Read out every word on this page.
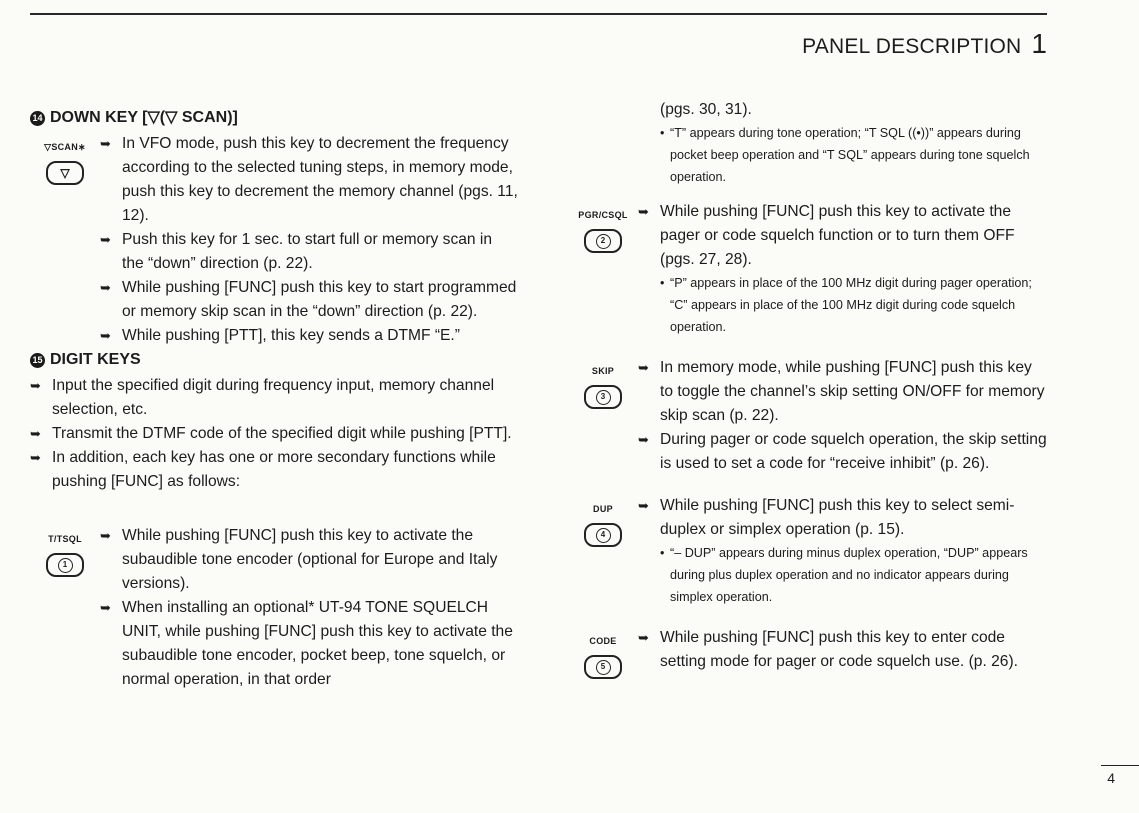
PANEL DESCRIPTION 1
14 DOWN KEY [▽(▽ SCAN)]
▽SCAN∗
▽
➥ In VFO mode, push this key to decrement the frequency according to the selected tuning steps, in memory mode, push this key to decrement the memory channel (pgs. 11, 12).
➥ Push this key for 1 sec. to start full or memory scan in the “down” direction (p. 22).
➥ While pushing [FUNC] push this key to start programmed or memory skip scan in the “down” direction (p. 22).
➥ While pushing [PTT], this key sends a DTMF “E.”
15 DIGIT KEYS
➥ Input the specified digit during frequency input, memory channel selection, etc.
➥ Transmit the DTMF code of the specified digit while pushing [PTT].
➥ In addition, each key has one or more secondary functions while pushing [FUNC] as follows:
T/TSQL
1
➥ While pushing [FUNC] push this key to activate the subaudible tone encoder (optional for Europe and Italy versions).
➥ When installing an optional* UT-94 TONE SQUELCH UNIT, while pushing [FUNC] push this key to activate the subaudible tone encoder, pocket beep, tone squelch, or normal operation, in that order
(pgs. 30, 31).
• “T” appears during tone operation; “T SQL ((•))” appears during pocket beep operation and “T SQL” appears during tone squelch operation.
PGR/CSQL
2
➥ While pushing [FUNC] push this key to activate the pager or code squelch function or to turn them OFF (pgs. 27, 28).
• “P” appears in place of the 100 MHz digit during pager operation; “C” appears in place of the 100 MHz digit during code squelch operation.
SKIP
3
➥ In memory mode, while pushing [FUNC] push this key to toggle the channel’s skip setting ON/OFF for memory skip scan (p. 22).
➥ During pager or code squelch operation, the skip setting is used to set a code for “receive inhibit” (p. 26).
DUP
4
➥ While pushing [FUNC] push this key to select semi-duplex or simplex operation (p. 15).
• “– DUP” appears during minus duplex operation, “DUP” appears during plus duplex operation and no indicator appears during simplex operation.
CODE
5
➥ While pushing [FUNC] push this key to enter code setting mode for pager or code squelch use. (p. 26).
4
